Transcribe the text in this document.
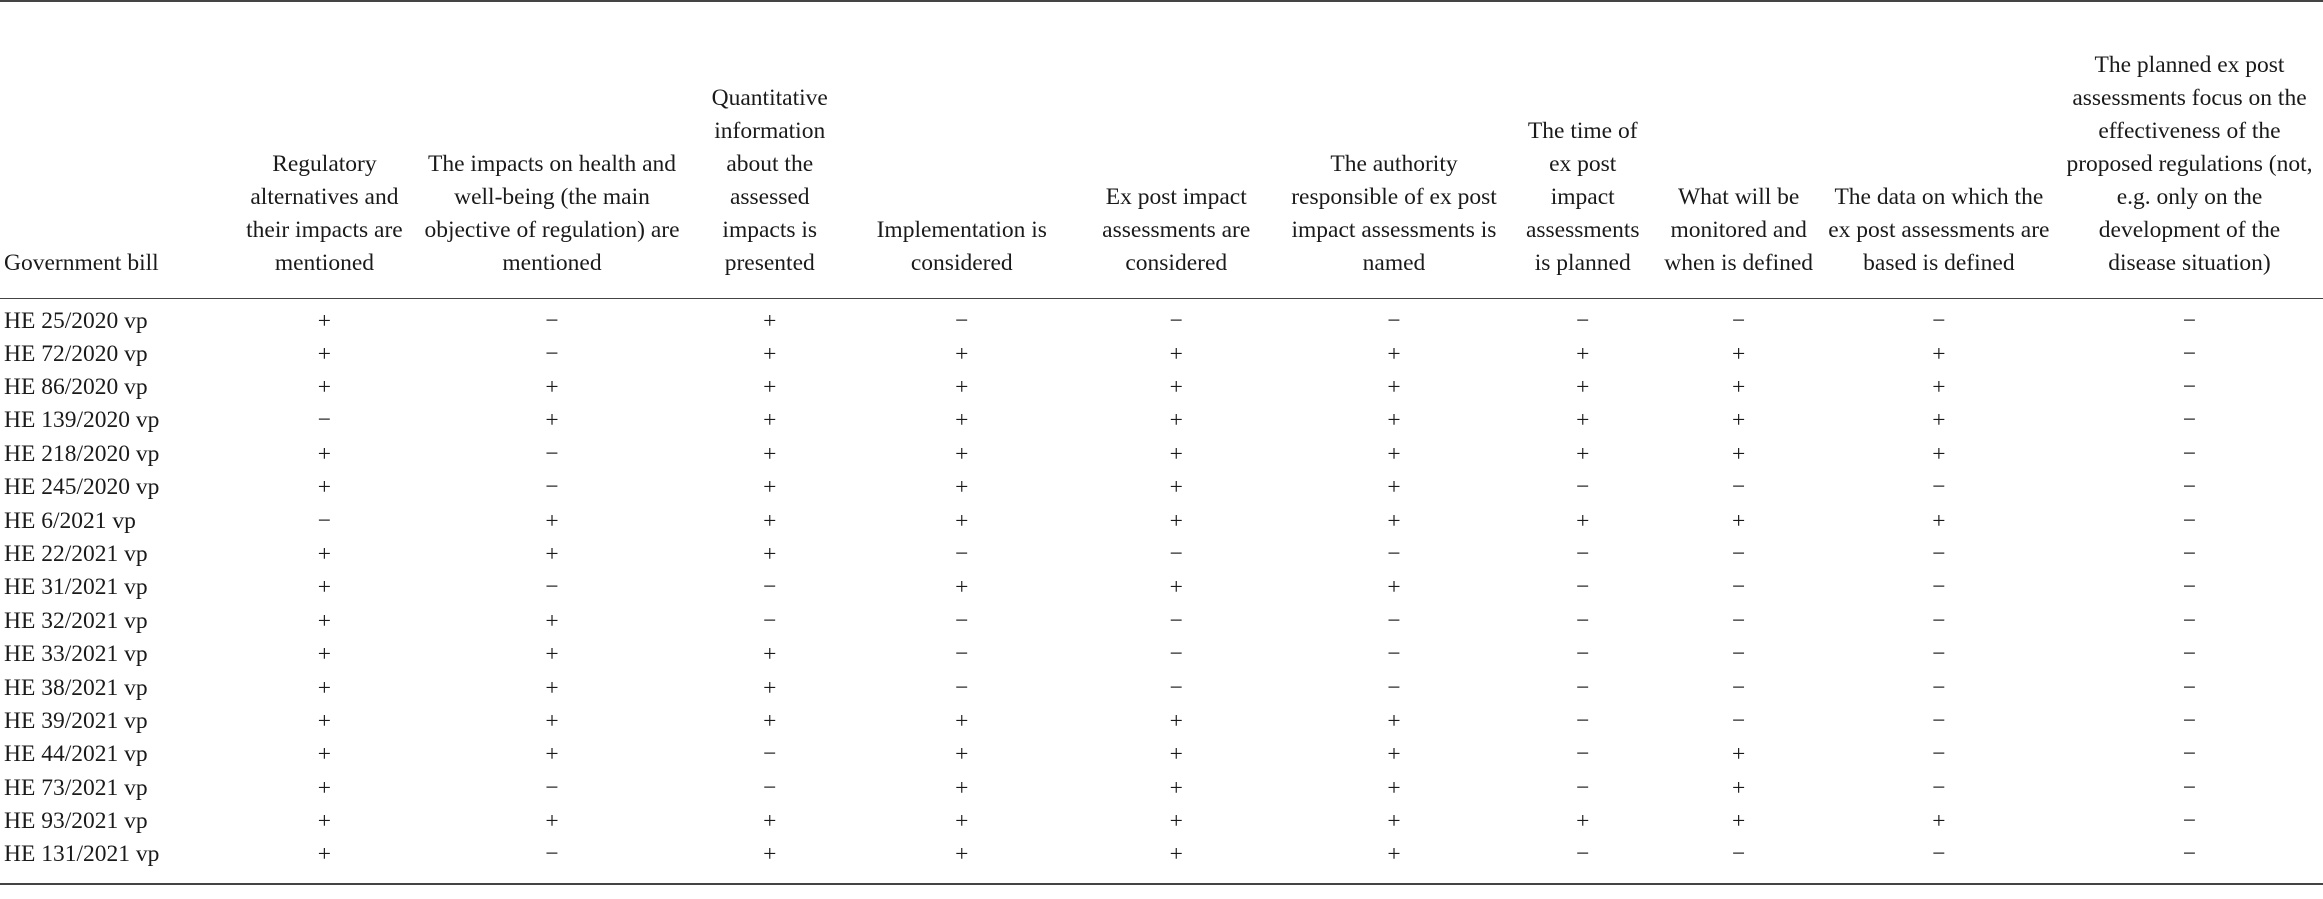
Government bill	Regulatory alternatives and their impacts are mentioned	The impacts on health and well-being (the main objective of regulation) are mentioned	Quantitative information about the assessed impacts is presented	Implementation is considered	Ex post impact assessments are considered	The authority responsible of ex post impact assessments is named	The time of ex post impact assessments is planned	What will be monitored and when is defined	The data on which the ex post assessments are based is defined	The planned ex post assessments focus on the effectiveness of the proposed regulations (not, e.g. only on the development of the disease situation)
HE 25/2020 vp	+	−	+	−	−	−	−	−	−	−
HE 72/2020 vp	+	−	+	+	+	+	+	+	+	−
HE 86/2020 vp	+	+	+	+	+	+	+	+	+	−
HE 139/2020 vp	−	+	+	+	+	+	+	+	+	−
HE 218/2020 vp	+	−	+	+	+	+	+	+	+	−
HE 245/2020 vp	+	−	+	+	+	+	−	−	−	−
HE 6/2021 vp	−	+	+	+	+	+	+	+	+	−
HE 22/2021 vp	+	+	+	−	−	−	−	−	−	−
HE 31/2021 vp	+	−	−	+	+	+	−	−	−	−
HE 32/2021 vp	+	+	−	−	−	−	−	−	−	−
HE 33/2021 vp	+	+	+	−	−	−	−	−	−	−
HE 38/2021 vp	+	+	+	−	−	−	−	−	−	−
HE 39/2021 vp	+	+	+	+	+	+	−	−	−	−
HE 44/2021 vp	+	+	−	+	+	+	−	+	−	−
HE 73/2021 vp	+	−	−	+	+	+	−	+	−	−
HE 93/2021 vp	+	+	+	+	+	+	+	+	+	−
HE 131/2021 vp	+	−	+	+	+	+	−	−	−	−
